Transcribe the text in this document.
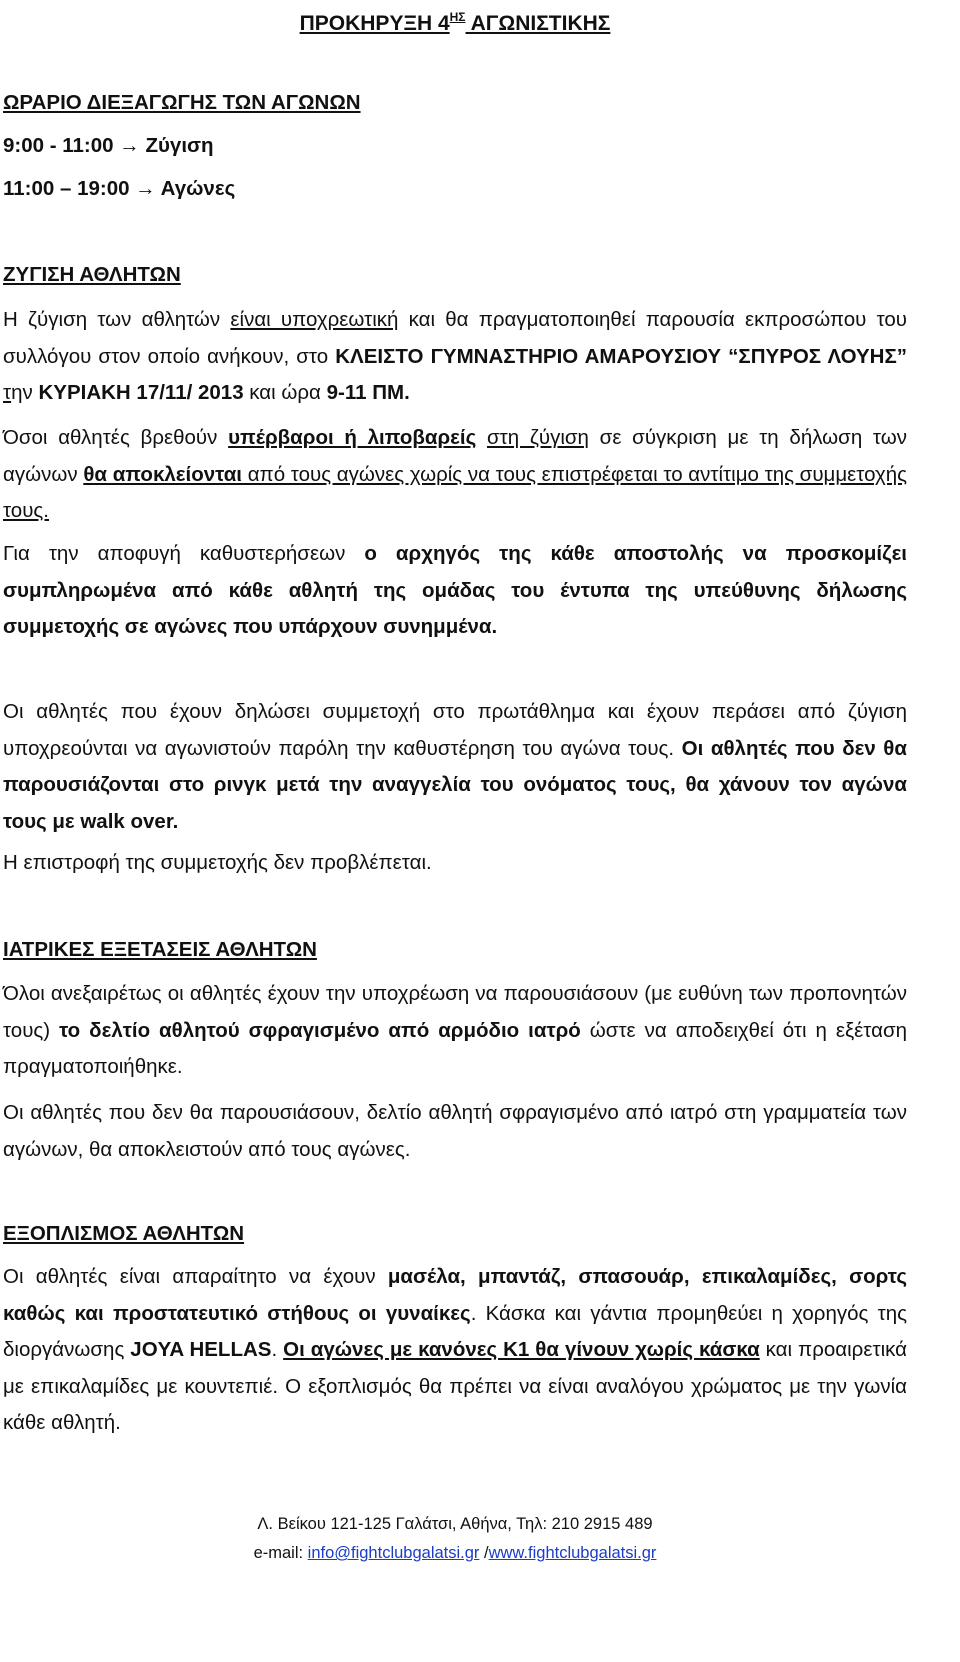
ΠΡΟΚΗΡΥΞΗ $4^{H\Sigma}$ ΑΓΩΝΙΣΤΙΚΗΣ
ΩΡΑΡΙΟ ΔΙΕΞΑΓΩΓΗΣ ΤΩΝ ΑΓΩΝΩΝ
9:00 - 11:00 → Ζύγιση
11:00 – 19:00 → Αγώνες
ΖΥΓΙΣΗ ΑΘΛΗΤΩΝ

Η ζύγιση των αθλητών είναι υποχρεωτική και θα πραγματοποιηθεί παρουσία εκπροσώπου του συλλόγου στον οποίο ανήκουν, στο ΚΛΕΙΣΤΟ ΓΥΜΝΑΣΤΗΡΙΟ ΑΜΑΡΟΥΣΙΟΥ “ΣΠΥΡΟΣ ΛΟΥΗΣ” την ΚΥΡΙΑΚΗ 17/11/ 2013 και ώρα 9-11 ΠΜ.

Όσοι αθλητές βρεθούν υπέρβαροι ή λιποβαρείς στη ζύγιση σε σύγκριση με τη δήλωση των αγώνων θα αποκλείονται από τους αγώνες χωρίς να τους επιστρέφεται το αντίτιμο της συμμετοχής τους.

Για την αποφυγή καθυστερήσεων ο αρχηγός της κάθε αποστολής να προσκομίζει συμπληρωμένα από κάθε αθλητή της ομάδας του έντυπα της υπεύθυνης δήλωσης συμμετοχής σε αγώνες που υπάρχουν συνημμένα.

Οι αθλητές που έχουν δηλώσει συμμετοχή στο πρωτάθλημα και έχουν περάσει από ζύγιση υποχρεούνται να αγωνιστούν παρόλη την καθυστέρηση του αγώνα τους. Οι αθλητές που δεν θα παρουσιάζονται στο ρινγκ μετά την αναγγελία του ονόματος τους, θα χάνουν τον αγώνα τους με walk over.

Η επιστροφή της συμμετοχής δεν προβλέπεται.
ΙΑΤΡΙΚΕΣ ΕΞΕΤΑΣΕΙΣ ΑΘΛΗΤΩΝ

Όλοι ανεξαιρέτως οι αθλητές έχουν την υποχρέωση να παρουσιάσουν (με ευθύνη των προπονητών τους) το δελτίο αθλητού σφραγισμένο από αρμόδιο ιατρό ώστε να αποδειχθεί ότι η εξέταση πραγματοποιήθηκε.

Οι αθλητές που δεν θα παρουσιάσουν, δελτίο αθλητή σφραγισμένο από ιατρό στη γραμματεία των αγώνων, θα αποκλειστούν από τους αγώνες.

ΕΞΟΠΛΙΣΜΟΣ ΑΘΛΗΤΩΝ

Οι αθλητές είναι απαραίτητο να έχουν μασέλα, μπαντάζ, σπασουάρ, επικαλαμίδες, σορτς καθώς και προστατευτικό στήθους οι γυναίκες. Κάσκα και γάντια προμηθεύει η χορηγός της διοργάνωσης JOYA HELLAS. Οι αγώνες με κανόνες Κ1 θα γίνουν χωρίς κάσκα και προαιρετικά με επικαλαμίδες με κουντεπιέ. Ο εξοπλισμός θα πρέπει να είναι αναλόγου χρώματος με την γωνία κάθε αθλητή.

Λ. Βείκου 121-125 Γαλάτσι, Αθήνα, Τηλ: 210 2915 489
e-mail: info@fightclubgalatsi.gr /www.fightclubgalatsi.gr
